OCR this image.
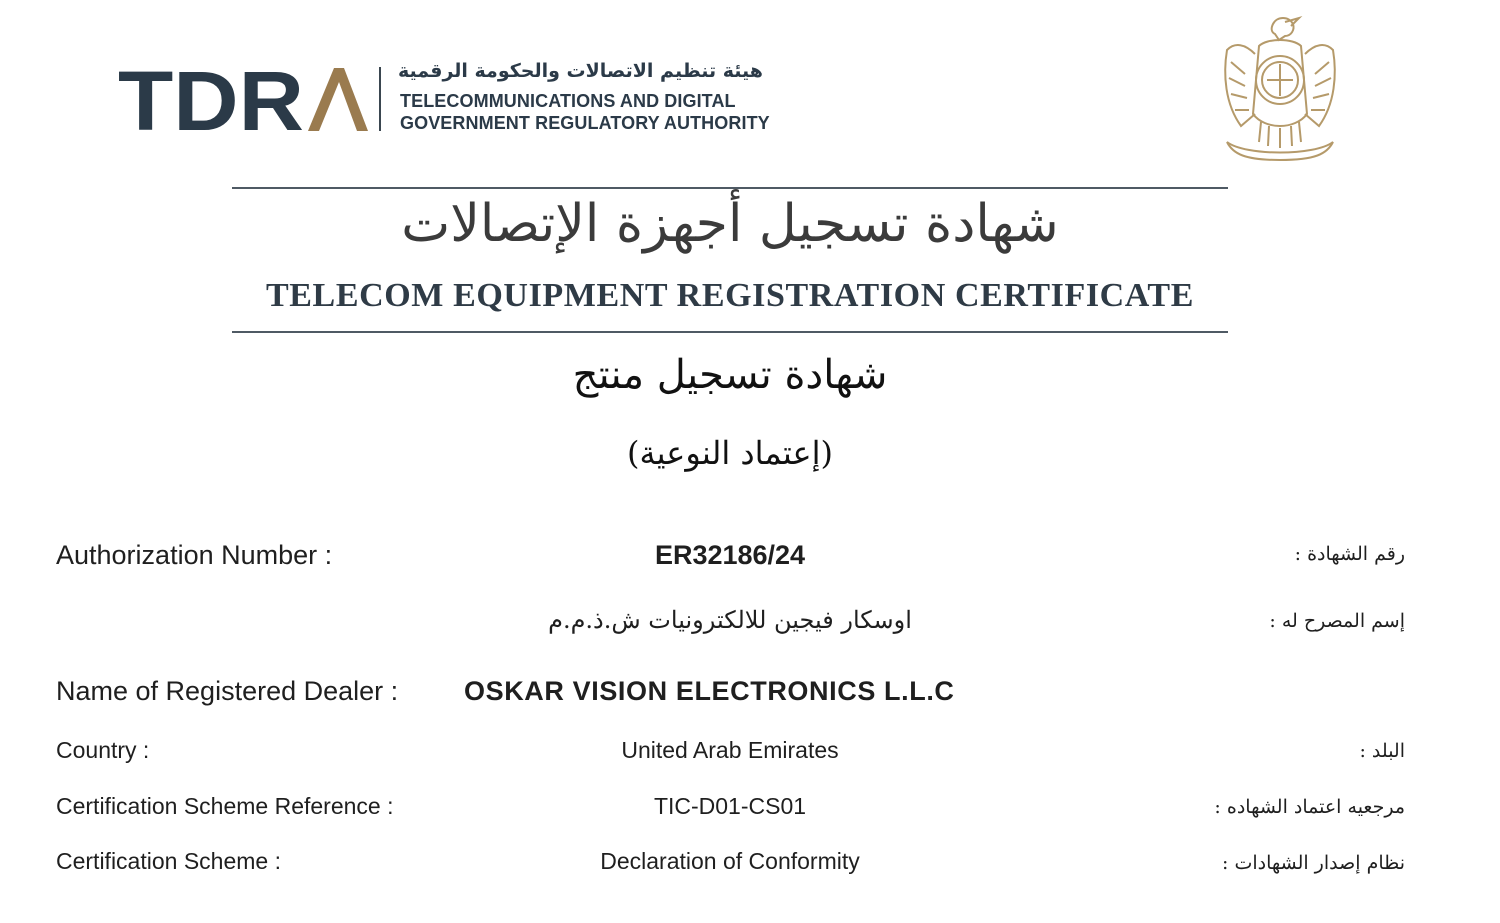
TDR	هيئة تنظيم الاتصالات والحكومة الرقمية
TELECOMMUNICATIONS AND DIGITAL
GOVERNMENT REGULATORY AUTHORITY
شهادة تسجيل أجهزة الإتصالات
TELECOM EQUIPMENT REGISTRATION CERTIFICATE
شهادة تسجيل منتج
(إعتماد النوعية)
Authorization Number :	ER32186/24	رقم الشهادة :
اوسكار فيجين للالكترونيات ش.ذ.م.م	إسم المصرح له :
Name of Registered Dealer : OSKAR VISION ELECTRONICS L.L.C
Country :	United Arab Emirates	البلد :
Certification Scheme Reference :	TIC-D01-CS01	مرجعيه اعتماد الشهاده :
Certification Scheme :	Declaration of Conformity	نظام إصدار الشهادات :
